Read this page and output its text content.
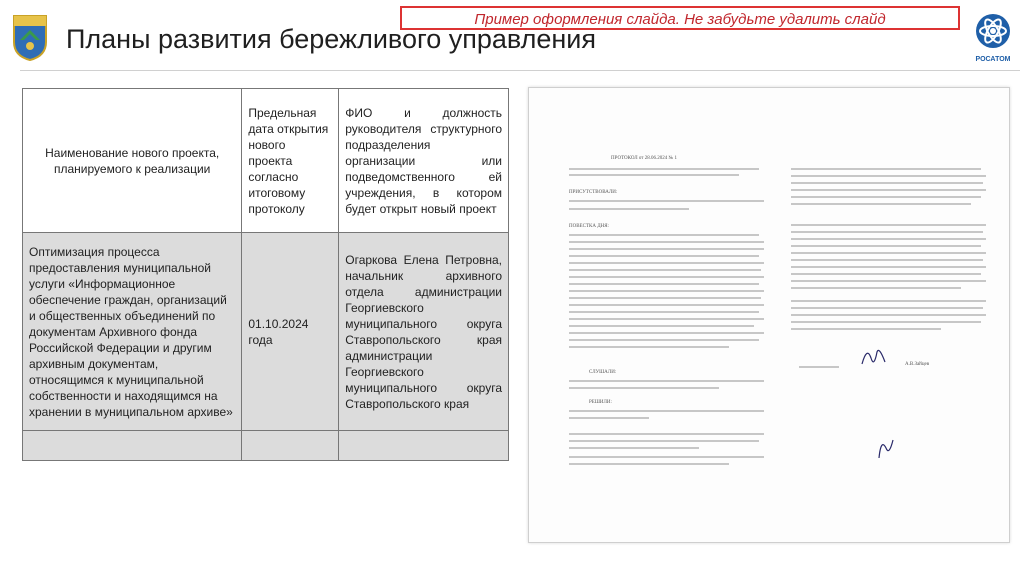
Планы развития бережливого управления
Пример оформления слайда. Не забудьте удалить слайд
РОСАТОМ
Наименование нового проекта, планируемого к реализации	Предельная дата открытия нового проекта согласно итоговому протоколу	ФИО и должность руководителя структурного подразделения организации или подведомственного ей учреждения, в котором будет открыт новый проект
Оптимизация процесса предоставления муниципальной услуги «Информационное обеспечение граждан, организаций и общественных объединений по документам Архивного фонда Российской Федерации и другим архивным документам, относящимся к муниципальной собственности и находящимся на хранении в муниципальном архиве»	01.10.2024 года	Огаркова Елена Петровна, начальник архивного отдела администрации Георгиевского муниципального округа Ставропольского края администрации Георгиевского муниципального округа Ставропольского края

ПРОТОКОЛ от 28.06.2024 № 1
ПРИСУТСТВОВАЛИ:
ПОВЕСТКА ДНЯ:
СЛУШАЛИ:
РЕШИЛИ:
А.В.Зайцев
